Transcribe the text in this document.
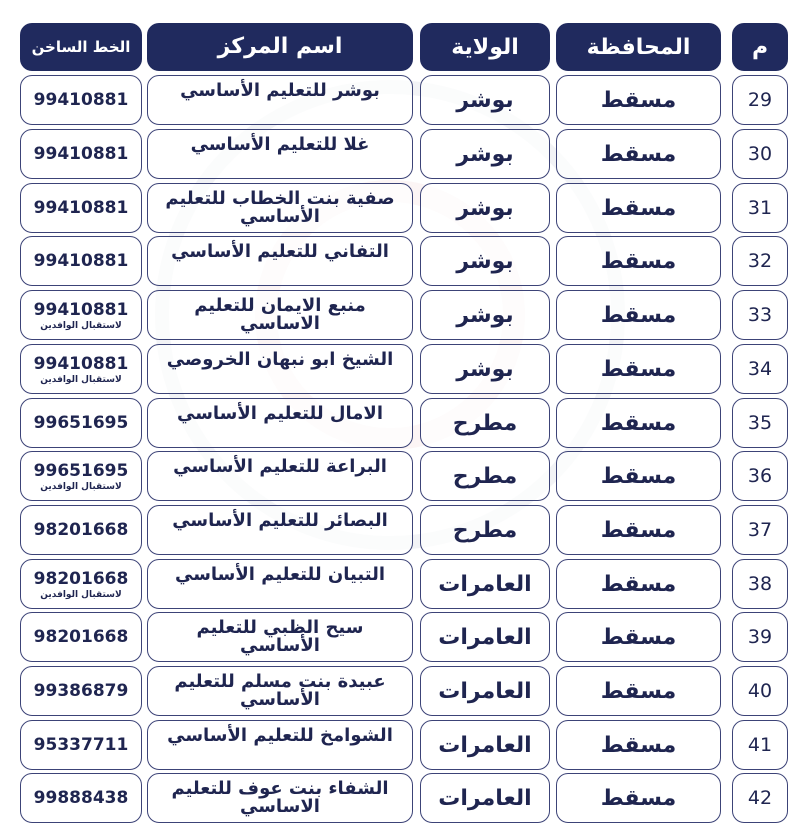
م
المحافظة
الولاية
اسم المركز
الخط الساخن
29
مسقط
بوشر
بوشر للتعليم الأساسي
99410881
30
مسقط
بوشر
غلا للتعليم الأساسي
99410881
31
مسقط
بوشر
صفية بنت الخطاب للتعليم الأساسي
99410881
32
مسقط
بوشر
التفاني للتعليم الأساسي
99410881
33
مسقط
بوشر
منبع الايمان للتعليم الاساسي
99410881
لاستقبال الوافدين
34
مسقط
بوشر
الشيخ ابو نبهان الخروصي
99410881
لاستقبال الوافدين
35
مسقط
مطرح
الامال للتعليم الأساسي
99651695
36
مسقط
مطرح
البراعة للتعليم الأساسي
99651695
لاستقبال الوافدين
37
مسقط
مطرح
البصائر للتعليم الأساسي
98201668
38
مسقط
العامرات
التبيان للتعليم الأساسي
98201668
لاستقبال الوافدين
39
مسقط
العامرات
سيح الظبي للتعليم الأساسي
98201668
40
مسقط
العامرات
عبيدة بنت مسلم للتعليم الأساسي
99386879
41
مسقط
العامرات
الشوامخ للتعليم الأساسي
95337711
42
مسقط
العامرات
الشفاء بنت عوف للتعليم الاساسي
99888438
